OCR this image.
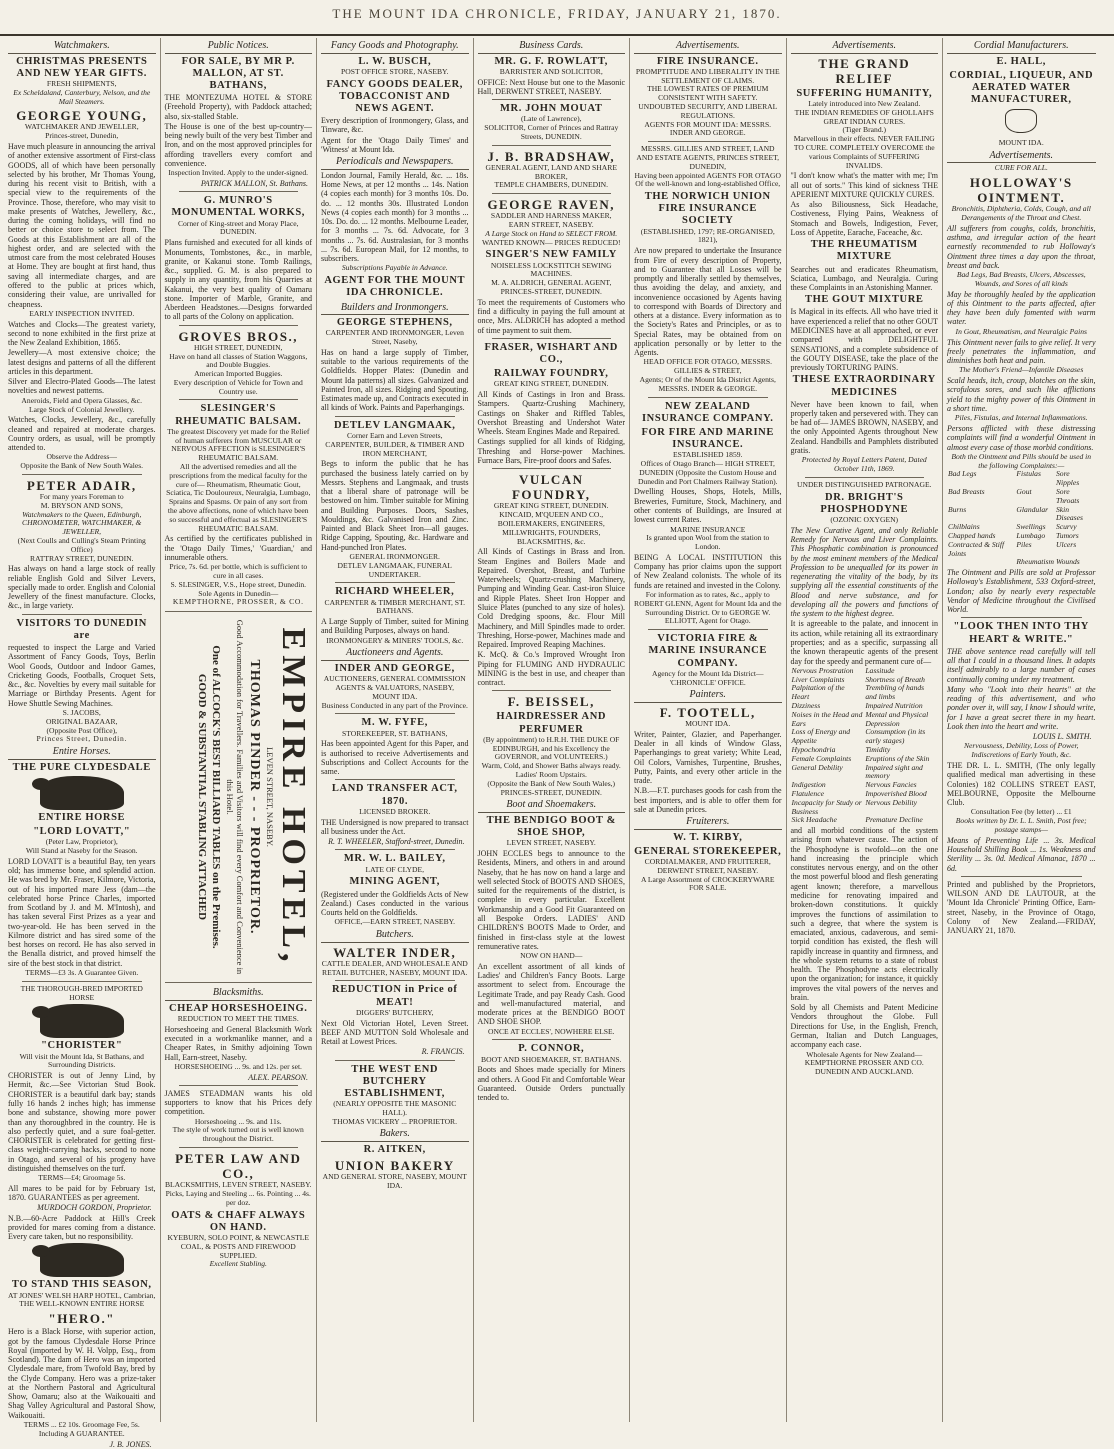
THE MOUNT IDA CHRONICLE, FRIDAY, JANUARY 21, 1870.
Watchmakers.
CHRISTMAS PRESENTS AND NEW YEAR GIFTS.
FRESH SHIPMENTS,
Ex Scheldaland, Canterbury, Nelson, and the Mail Steamers.
GEORGE YOUNG,
WATCHMAKER AND JEWELLER,
Princes-street, Dunedin,

Have much pleasure in announcing the arrival of another extensive assortment of First-class GOODS, all of which have been personally selected by his brother, Mr Thomas Young, during his recent visit to British, with a special view to the requirements of the Province. Those, therefore, who may visit to make presents of Watches, Jewellery, &c., during the coming holidays, will find no better or choice store to select from. The Goods at this Establishment are all of the highest order, and are selected with the utmost care from the most celebrated Houses at Home. They are bought at first hand, thus saving all intermediate charges, and are offered to the public at prices which, considering their value, are unrivalled for cheapness.

EARLY INSPECTION INVITED.

Watches and Clocks—The greatest variety, second to none exhibited in the first prize at the New Zealand Exhibition, 1865.

Jewellery—A most extensive choice; the latest designs and patterns of all the different articles in this department.

Silver and Electro-Plated Goods—The latest novelties and newest patterns.

Aneroids, Field and Opera Glasses, &c.

Large Stock of Colonial Jewellery.

Watches, Clocks, Jewellery, &c., carefully cleaned and repaired at moderate charges. Country orders, as usual, will be promptly attended to.

Observe the Address—

Opposite the Bank of New South Wales.

PETER ADAIR,
For many years Foreman to
M. BRYSON AND SONS,

Watchmakers to the Queen, Edinburgh, CHRONOMETER, WATCHMAKER, & JEWELLER,

(Next Coulls and Culling's Steam Printing Office)

RATTRAY STREET, DUNEDIN.

Has always on hand a large stock of really reliable English Gold and Silver Levers, specially made to order. English and Colonial Jewellery of the finest manufacture. Clocks, &c., in large variety.

VISITORS TO DUNEDIN are

requested to inspect the Large and Varied Assortment of Fancy Goods, Toys, Berlin Wool Goods, Outdoor and Indoor Games, Cricketing Goods, Footballs, Croquet Sets, &c., &c. Novelties by every mail suitable for Marriage or Birthday Presents. Agent for Howe Shuttle Sewing Machines.

S. JACOBS,

ORIGINAL BAZAAR,

(Opposite Post Office),

Princes Street, Dunedin.

Entire Horses.
THE PURE CLYDESDALE
ENTIRE HORSE
"LORD LOVATT,"
(Peter Law, Proprietor),
Will Stand at Naseby for the Season.

LORD LOVATT is a beautiful Bay, ten years old; has immense bone, and splendid action. He was bred by Mr. Fraser, Kilmore, Victoria, out of his imported mare Jess (dam—the celebrated horse Prince Charles, imported from Scotland by J. and M. M'Intosh), and has taken several First Prizes as a year and two-year-old. He has been served in the Kilmore district and has sired some of the best horses on record. He has also served in the Benalla district, and proved himself the sire of the best stock in that district.

TERMS—£3 3s. A Guarantee Given.

THE THOROUGH-BRED IMPORTED HORSE
"CHORISTER"

Will visit the Mount Ida, St Bathans, and Surrounding Districts.

CHORISTER is out of Jenny Lind, by Hermit, &c.—See Victorian Stud Book. CHORISTER is a beautiful dark bay; stands fully 16 hands 2 inches high; has immense bone and substance, showing more power than any thoroughbred in the country. He is also perfectly quiet, and a sure foal-getter. CHORISTER is celebrated for getting first-class weight-carrying hacks, second to none in Otago, and several of his progeny have distinguished themselves on the turf.

TERMS—£4; Groomage 5s.

All mares to be paid for by February 1st, 1870. GUARANTEES as per agreement.

MURDOCH GORDON, Proprietor.

N.B.—60-Acre Paddock at Hill's Creek provided for mares coming from a distance. Every care taken, but no responsibility.

TO STAND THIS SEASON,
AT JONES' WELSH HARP HOTEL, Cambrian,
THE WELL-KNOWN ENTIRE HORSE
"HERO."

Hero is a Black Horse, with superior action, got by the famous Clydesdale Horse Prince Royal (imported by W. H. Volpp, Esq., from Scotland). The dam of Hero was an imported Clydesdale mare, from Twofold Bay, bred by the Clyde Company. Hero was a prize-taker at the Northern Pastoral and Agricultural Show, Oamaru; also at the Waikouaiti and Shag Valley Agricultural and Pastoral Show, Waikouaiti.

TERMS ... £2 10s. Groomage Fee, 5s.

Including A GUARANTEE.

J. B. JONES.

Public Notices.
FOR SALE, BY MR P. MALLON, AT ST. BATHANS,

THE MONTEZUMA HOTEL & STORE (Freehold Property), with Paddock attached; also, six-stalled Stable.

The House is one of the best up-country—being newly built of the very best Timber and Iron, and on the most approved principles for affording travellers every comfort and convenience.

Inspection Invited. Apply to the under-signed.

PATRICK MALLON, St. Bathans.

G. MUNRO'S MONUMENTAL WORKS,
Corner of King-street and Moray Place, DUNEDIN.

Plans furnished and executed for all kinds of Monuments, Tombstones, &c., in marble, granite, or Kakanui stone. Tomb Railings, &c., supplied. G. M. is also prepared to supply in any quantity, from his Quarries at Kakanui, the very best quality of Oamaru stone. Importer of Marble, Granite, and Aberdeen Headstones.—Designs forwarded to all parts of the Colony on application.

GROVES BROS.,
HIGH STREET, DUNEDIN,

Have on hand all classes of Station Waggons, and Double Buggies.

American Imported Buggies.

Every description of Vehicle for Town and Country use.

SLESINGER'S RHEUMATIC BALSAM.

The greatest Discovery yet made for the Relief of human sufferers from MUSCULAR or NERVOUS AFFECTION is SLESINGER'S RHEUMATIC BALSAM.

All the advertised remedies and all the prescriptions from the medical faculty for the cure of— Rheumatism, Rheumatic Gout, Sciatica, Tic Douloureux, Neuralgia, Lumbago, Sprains and Spasms. Or pain of any sort from the above affections, none of which have been so successful and effectual as SLESINGER'S RHEUMATIC BALSAM.

As certified by the certificates published in the 'Otago Daily Times,' 'Guardian,' and innumerable others.

Price, 7s. 6d. per bottle, which is sufficient to cure in all cases.

S. SLESINGER, V.S., Hope street, Dunedin.

Sole Agents in Dunedin—

KEMPTHORNE, PROSSER, & CO.

EMPIRE HOTEL,

LEVEN STREET, NASEBY.

THOMAS PINDER - - - PROPRIETOR.

Good Accommodation for Travellers. Families and Visitors will find every Comfort and Convenience in this Hotel.

One of ALCOCK'S BEST BILLIARD TABLES on the Premises.

GOOD & SUBSTANTIAL STABLING ATTACHED

Blacksmiths.
CHEAP HORSESHOEING.
REDUCTION TO MEET THE TIMES.

Horseshoeing and General Blacksmith Work executed in a workmanlike manner, and a Cheaper Rates, in Smithy adjoining Town Hall, Earn-street, Naseby.

HORSESHOEING ... 9s. and 12s. per set.

ALEX. PEARSON.

JAMES STEADMAN wants his old supporters to know that his Prices defy competition.

Horseshoeing ... 9s. and 11s.

The style of work turned out is well known throughout the District.

PETER LAW AND CO.,
BLACKSMITHS, LEVEN STREET, NASEBY.

Picks, Laying and Steeling ... 6s. Pointing ... 4s. per doz.

OATS & CHAFF ALWAYS ON HAND.

KYEBURN, SOLO POINT, & NEWCASTLE COAL, & POSTS AND FIREWOOD SUPPLIED.

Excellent Stabling.

Fancy Goods and Photography.
L. W. BUSCH,
POST OFFICE STORE, NASEBY.
FANCY GOODS DEALER, TOBACCONIST AND NEWS AGENT.

Every description of Ironmongery, Glass, and Tinware, &c.

Agent for the 'Otago Daily Times' and 'Witness' at Mount Ida.

Periodicals and Newspapers.

London Journal, Family Herald, &c. ... 18s. Home News, at per 12 months ... 14s. Nation (4 copies each month) for 3 months 10s. Do. do. ... 12 months 30s. Illustrated London News (4 copies each month) for 3 months ... 10s. Do. do. ... 12 months. Melbourne Leader, for 3 months ... 7s. 6d. Advocate, for 3 months ... 7s. 6d. Australasian, for 3 months ... 7s. 6d. European Mail, for 12 months, to subscribers.

Subscriptions Payable in Advance.

AGENT FOR THE MOUNT IDA CHRONICLE.

Builders and Ironmongers.
GEORGE STEPHENS,
CARPENTER AND IRONMONGER, Leven Street, Naseby,

Has on hand a large supply of Timber, suitable to the various requirements of the Goldfields. Hopper Plates: (Dunedin and Mount Ida patterns) all sizes. Galvanized and Painted Iron, all sizes. Ridging and Spouting. Estimates made up, and Contracts executed in all kinds of Work. Paints and Paperhangings.

DETLEV LANGMAAK,
Corner Earn and Leven Streets,
CARPENTER, BUILDER, & TIMBER AND IRON MERCHANT,

Begs to inform the public that he has purchased the business lately carried on by Messrs. Stephens and Langmaak, and trusts that a liberal share of patronage will be bestowed on him. Timber suitable for Mining and Building Purposes. Doors, Sashes, Mouldings, &c. Galvanised Iron and Zinc. Painted and Black Sheet Iron—all gauges. Ridge Capping, Spouting, &c. Hardware and Hand-punched Iron Plates.

GENERAL IRONMONGER.

DETLEV LANGMAAK, FUNERAL UNDERTAKER.

RICHARD WHEELER,
CARPENTER & TIMBER MERCHANT, ST. BATHANS.

A Large Supply of Timber, suited for Mining and Building Purposes, always on hand.

IRONMONGERY & MINERS' TOOLS, &c.

Auctioneers and Agents.
INDER AND GEORGE,
AUCTIONEERS, GENERAL COMMISSION AGENTS & VALUATORS, NASEBY, MOUNT IDA.

Business Conducted in any part of the Province.

M. W. FYFE,
STOREKEEPER, ST. BATHANS,

Has been appointed Agent for this Paper, and is authorised to receive Advertisements and Subscriptions and Collect Accounts for the same.

LAND TRANSFER ACT, 1870.

LICENSED BROKER.

THE Undersigned is now prepared to transact all business under the Act.

R. T. WHEELER, Stafford-street, Dunedin.

MR. W. L. BAILEY,
LATE OF CLYDE,
MINING AGENT,

(Registered under the Goldfields Acts of New Zealand.) Cases conducted in the various Courts held on the Goldfields.

OFFICE,—EARN STREET, NASEBY.

Butchers.
WALTER INDER,
CATTLE DEALER, AND WHOLESALE AND RETAIL BUTCHER, NASEBY, MOUNT IDA.
REDUCTION in Price of MEAT!
DIGGERS' BUTCHERY,

Next Old Victorian Hotel, Leven Street. BEEF AND MUTTON Sold Wholesale and Retail at Lowest Prices.

R. FRANCIS.

THE WEST END BUTCHERY ESTABLISHMENT,

(NEARLY OPPOSITE THE MASONIC HALL).

THOMAS VICKERY ... PROPRIETOR.

Bakers.
R. AITKEN,
UNION BAKERY
AND GENERAL STORE, NASEBY, MOUNT IDA.
Business Cards.
MR. G. F. ROWLATT,
BARRISTER AND SOLICITOR,

OFFICE: Next House but one to the Masonic Hall, DERWENT STREET, NASEBY.

MR. JOHN MOUAT
(Late of Lawrence),

SOLICITOR, Corner of Princes and Rattray Streets, DUNEDIN.

J. B. BRADSHAW,
GENERAL AGENT, LAND AND SHARE BROKER,

TEMPLE CHAMBERS, DUNEDIN.

GEORGE RAVEN,
SADDLER AND HARNESS MAKER,

EARN STREET, NASEBY.

A Large Stock on Hand to SELECT FROM.

WANTED KNOWN— PRICES REDUCED!

SINGER'S NEW FAMILY
NOISELESS LOCKSTITCH SEWING MACHINES.

M. A. ALDRICH, GENERAL AGENT, PRINCES-STREET, DUNEDIN.

To meet the requirements of Customers who find a difficulty in paying the full amount at once, Mrs. ALDRICH has adopted a method of time payment to suit them.

FRASER, WISHART AND CO.,
RAILWAY FOUNDRY,

GREAT KING STREET, DUNEDIN.

All Kinds of Castings in Iron and Brass. Stampers. Quartz-Crushing Machinery, Castings on Shaker and Riffled Tables, Overshot Breasting and Undershot Water Wheels. Steam Engines Made and Repaired.

Castings supplied for all kinds of Ridging, Threshing and Horse-power Machines. Furnace Bars, Fire-proof doors and Safes.

VULCAN FOUNDRY,
GREAT KING STREET, DUNEDIN.

KINCAID, M'QUEEN AND CO., BOILERMAKERS, ENGINEERS, MILLWRIGHTS, FOUNDERS, BLACKSMITHS, &c.

All Kinds of Castings in Brass and Iron. Steam Engines and Boilers Made and Repaired. Overshot, Breast, and Turbine Waterwheels; Quartz-crushing Machinery, Pumping and Winding Gear. Cast-iron Sluice and Ripple Plates. Sheet Iron Hopper and Sluice Plates (punched to any size of holes). Cold Dredging spoons, &c. Flour Mill Machinery, and Mill Spindles made to order. Threshing, Horse-power, Machines made and Repaired. Improved Reaping Machines.

K. McQ. & Co.'s Improved Wrought Iron Piping for FLUMING AND HYDRAULIC MINING is the best in use, and cheaper than contract.

F. BEISSEL,
HAIRDRESSER AND PERFUMER

(By appointment) to H.R.H. THE DUKE OF EDINBURGH, and his Excellency the GOVERNOR, and VOLUNTEERS.)

Warm, Cold, and Shower Baths always ready.

Ladies' Room Upstairs.

(Opposite the Bank of New South Wales,) PRINCES-STREET, DUNEDIN.

Boot and Shoemakers.
THE BENDIGO BOOT & SHOE SHOP,
LEVEN STREET, NASEBY.

JOHN ECCLES begs to announce to the Residents, Miners, and others in and around Naseby, that he has now on hand a large and well selected Stock of BOOTS AND SHOES, suited for the requirements of the district, is complete in every particular. Excellent Workmanship and a Good Fit Guaranteed on all Bespoke Orders. LADIES' AND CHILDREN'S BOOTS Made to Order, and finished in first-class style at the lowest remunerative rates.

NOW ON HAND—

An excellent assortment of all kinds of Ladies' and Children's Fancy Boots. Large assortment to select from. Encourage the Legitimate Trade, and pay Ready Cash. Good and well-manufactured material, and moderate prices at the BENDIGO BOOT AND SHOE SHOP.

ONCE AT ECCLES', NOWHERE ELSE.

P. CONNOR,
BOOT AND SHOEMAKER, ST. BATHANS.

Boots and Shoes made specially for Miners and others. A Good Fit and Comfortable Wear Guaranteed. Outside Orders punctually tended to.

Advertisements.
FIRE INSURANCE.

PROMPTITUDE AND LIBERALITY IN THE SETTLEMENT OF CLAIMS.

THE LOWEST RATES OF PREMIUM CONSISTENT WITH SAFETY.

UNDOUBTED SECURITY, AND LIBERAL REGULATIONS.

AGENTS FOR MOUNT IDA: MESSRS. INDER AND GEORGE.

MESSRS. GILLIES AND STREET, LAND AND ESTATE AGENTS, PRINCES STREET, DUNEDIN,

Having been appointed AGENTS FOR OTAGO Of the well-known and long-established Office,

THE NORWICH UNION FIRE INSURANCE SOCIETY
(ESTABLISHED, 1797; RE-ORGANISED, 1821),

Are now prepared to undertake the Insurance from Fire of every description of Property, and to Guarantee that all Losses will be promptly and liberally settled by themselves, thus avoiding the delay, and anxiety, and inconvenience occasioned by Agents having to correspond with Boards of Directory and others at a distance. Every information as to the Society's Rates and Principles, or as to Special Rates, may be obtained from on application personally or by letter to the Agents.

HEAD OFFICE FOR OTAGO, MESSRS. GILLIES & STREET,

Agents; Or of the Mount Ida District Agents, MESSRS. INDER & GEORGE.

NEW ZEALAND INSURANCE COMPANY.

FOR FIRE AND MARINE INSURANCE.

ESTABLISHED 1859.

Offices of Otago Branch— HIGH STREET, DUNEDIN (Opposite the Custom House and Dunedin and Port Chalmers Railway Station).

Dwelling Houses, Shops, Hotels, Mills, Breweries, Furniture, Stock, Machinery, and other contents of Buildings, are Insured at lowest current Rates.

MARINE INSURANCE

Is granted upon Wool from the station to London.

BEING A LOCAL INSTITUTION this Company has prior claims upon the support of New Zealand colonists. The whole of its funds are retained and invested in the Colony.

For information as to rates, &c., apply to ROBERT GLENN, Agent for Mount Ida and the Surrounding District. Or to GEORGE W. ELLIOTT, Agent for Otago.

VICTORIA FIRE & MARINE INSURANCE COMPANY.

Agency for the Mount Ida District—

'CHRONICLE' OFFICE.

Painters.
F. TOOTELL,
MOUNT IDA.

Writer, Painter, Glazier, and Paperhanger. Dealer in all kinds of Window Glass, Paperhangings to great variety; White Lead, Oil Colors, Varnishes, Turpentine, Brushes, Putty, Paints, and every other article in the trade.

N.B.—F.T. purchases goods for cash from the best importers, and is able to offer them for sale at Dunedin prices.

Fruiterers.
W. T. KIRBY,
GENERAL STOREKEEPER,
CORDIALMAKER, AND FRUITERER, DERWENT STREET, NASEBY.

A Large Assortment of CROCKERYWARE FOR SALE.

Advertisements.
THE GRAND RELIEF
SUFFERING HUMANITY,

Lately introduced into New Zealand.

THE INDIAN REMEDIES OF GHOLLAH'S GREAT INDIAN CURES.

(Tiger Brand.)

Marvellous in their effects. NEVER FAILING TO CURE. COMPLETELY OVERCOME the various Complaints of SUFFERING INVALIDS.

"I don't know what's the matter with me; I'm all out of sorts." This kind of sickness THE APERIENT MIXTURE QUICKLY CURES.

As also Biliousness, Sick Headache, Costiveness, Flying Pains, Weakness of Stomach and Bowels, Indigestion, Fever, Loss of Appetite, Earache, Faceache, &c.

THE RHEUMATISM MIXTURE

Searches out and eradicates Rheumatism, Sciatica, Lumbago, and Neuralgia. Curing these Complaints in an Astonishing Manner.

THE GOUT MIXTURE

Is Magical in its effects. All who have tried it have experienced a relief that no other GOUT MEDICINES have at all approached, or ever compared with DELIGHTFUL SENSATIONS, and a complete subsidence of the GOUTY DISEASE, take the place of the previously TORTURING PAINS.

THESE EXTRAORDINARY MEDICINES

Never have been known to fail, when properly taken and persevered with. They can be had of— JAMES BROWN, NASEBY, and the only Appointed Agents throughout New Zealand. Handbills and Pamphlets distributed gratis.

Protected by Royal Letters Patent, Dated October 11th, 1869.

UNDER DISTINGUISHED PATRONAGE.

DR. BRIGHT'S PHOSPHODYNE
(OZONIC OXYGEN)

The New Curative Agent, and only Reliable Remedy for Nervous and Liver Complaints. This Phosphatic combination is pronounced by the most eminent members of the Medical Profession to be unequalled for its power in regenerating the vitality of the body, by its supplying all the essential constituents of the Blood and nerve substance, and for developing all the powers and functions of the system to the highest degree.

It is agreeable to the palate, and innocent in its action, while retaining all its extraordinary properties; and as a specific, surpassing all the known therapeutic agents of the present day for the speedy and permanent cure of—

Nervous Prostration	Lassitude
Liver Complaints	Shortness of Breath
Palpitation of the Heart	Trembling of hands and limbs
Dizziness	Impaired Nutrition
Noises in the Head and Ears	Mental and Physical Depression
Loss of Energy and Appetite	Consumption (in its early stages)
Hypochondria	Timidity
Female Complaints	Eruptions of the Skin
General Debility	Impaired sight and memory
Indigestion	Nervous Fancies
Flatulence	Impoverished Blood
Incapacity for Study or Business	Nervous Debility
Sick Headache	Premature Decline

and all morbid conditions of the system arising from whatever cause. The action of the Phosphodyne is twofold—on the one hand increasing the principle which constitutes nervous energy, and on the other the most powerful blood and flesh generating agent known; therefore, a marvellous medicine for renovating impaired and broken-down constitutions. It quickly improves the functions of assimilation to such a degree, that where the system is emaciated, anxious, cadaverous, and semi-torpid condition has existed, the flesh will rapidly increase in quantity and firmness, and the whole system returns to a state of robust health. The Phosphodyne acts electrically upon the organization; for instance, it quickly improves the vital powers of the nerves and brain.

Sold by all Chemists and Patent Medicine Vendors throughout the Globe. Full Directions for Use, in the English, French, German, Italian and Dutch Languages, accompany each case.

Wholesale Agents for New Zealand— KEMPTHORNE PROSSER AND CO. DUNEDIN AND AUCKLAND.

Cordial Manufacturers.
E. HALL,
CORDIAL, LIQUEUR, AND AERATED WATER MANUFACTURER,
MOUNT IDA.
Advertisements.

CURE FOR ALL.

HOLLOWAY'S OINTMENT.

Bronchitis, Diphtheria, Colds, Cough, and all Derangements of the Throat and Chest.

All sufferers from coughs, colds, bronchitis, asthma, and irregular action of the heart earnestly recommended to rub Holloway's Ointment three times a day upon the throat, breast and back.

Bad Legs, Bad Breasts, Ulcers, Abscesses, Wounds, and Sores of all kinds

May be thoroughly healed by the application of this Ointment to the parts affected, after they have been duly fomented with warm water.

In Gout, Rheumatism, and Neuralgic Pains

This Ointment never fails to give relief. It very freely penetrates the inflammation, and diminishes both heat and pain.

The Mother's Friend—Infantile Diseases

Scald heads, itch, croup, blotches on the skin, scrofulous sores, and such like afflictions yield to the mighty power of this Ointment in a short time.

Piles, Fistulas, and Internal Inflammations.

Persons afflicted with these distressing complaints will find a wonderful Ointment in almost every case of those morbid conditions.

Both the Ointment and Pills should be used in the following Complaints:—

Bad Legs	Fistulas	Sore Nipples
Bad Breasts	Gout	Sore Throats
Burns	Glandular	Skin Diseases
Chilblains	Swellings	Scurvy
Chapped hands	Lumbago	Tumors
Contracted & Stiff Joints	Piles	Ulcers
	Rheumatism	Wounds

The Ointment and Pills are sold at Professor Holloway's Establishment, 533 Oxford-street, London; also by nearly every respectable Vendor of Medicine throughout the Civilised World.

"LOOK THEN INTO THY HEART & WRITE."

THE above sentence read carefully will tell all that I could in a thousand lines. It adapts itself admirably to a large number of cases continually coming under my treatment.

Many who "Look into their hearts" at the reading of this advertisement, and who ponder over it, will say, I know I should write, for I have a great secret there in my heart. Look then into the heart and write.

LOUIS L. SMITH.

Nervousness, Debility, Loss of Power, Indiscretions of Early Youth, &c.

THE DR. L. L. SMITH, (The only legally qualified medical man advertising in these Colonies) 182 COLLINS STREET EAST, MELBOURNE, Opposite the Melbourne Club.

Consultation Fee (by letter) ... £1

Books written by Dr. L. L. Smith, Post free; postage stamps—

Means of Preventing Life ... 3s. Medical Household Shilling Book ... 1s. Weakness and Sterility ... 3s. 0d. Medical Almanac, 1870 ... 6d.

Printed and published by the Proprietors, WILSON AND DE LAUTOUR, at the 'Mount Ida Chronicle' Printing Office, Earn-street, Naseby, in the Province of Otago, Colony of New Zealand.—FRIDAY, JANUARY 21, 1870.
